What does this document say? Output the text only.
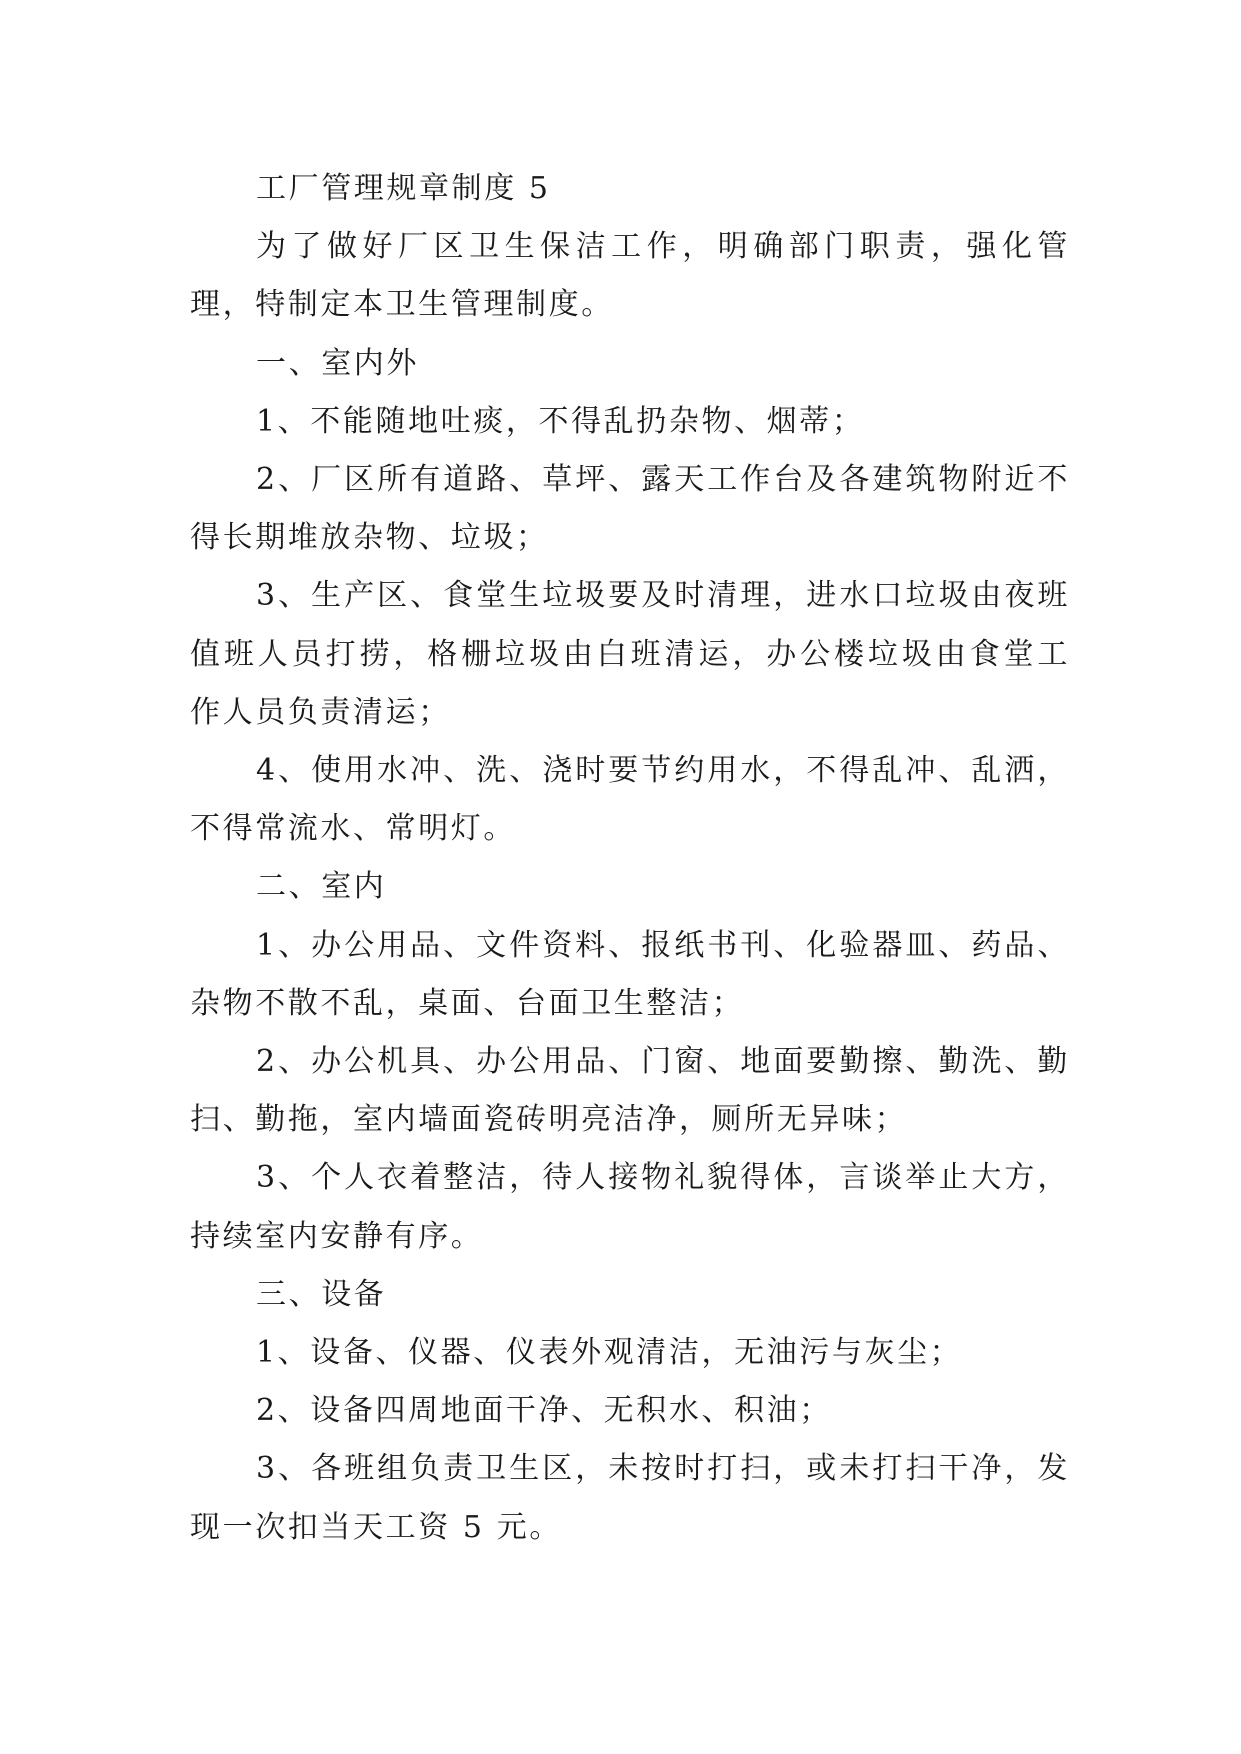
工厂管理规章制度 5

为了做好厂区卫生保洁工作，明确部门职责，强化管理，特制定本卫生管理制度。

一、室内外

1、不能随地吐痰，不得乱扔杂物、烟蒂；

2、厂区所有道路、草坪、露天工作台及各建筑物附近不得长期堆放杂物、垃圾；

3、生产区、食堂生垃圾要及时清理，进水口垃圾由夜班值班人员打捞，格栅垃圾由白班清运，办公楼垃圾由食堂工作人员负责清运；

4、使用水冲、洗、浇时要节约用水，不得乱冲、乱洒，不得常流水、常明灯。

二、室内

1、办公用品、文件资料、报纸书刊、化验器皿、药品、杂物不散不乱，桌面、台面卫生整洁；

2、办公机具、办公用品、门窗、地面要勤擦、勤洗、勤扫、勤拖，室内墙面瓷砖明亮洁净，厕所无异味；

3、个人衣着整洁，待人接物礼貌得体，言谈举止大方，持续室内安静有序。

三、设备

1、设备、仪器、仪表外观清洁，无油污与灰尘；

2、设备四周地面干净、无积水、积油；

3、各班组负责卫生区，未按时打扫，或未打扫干净，发现一次扣当天工资 5 元。
